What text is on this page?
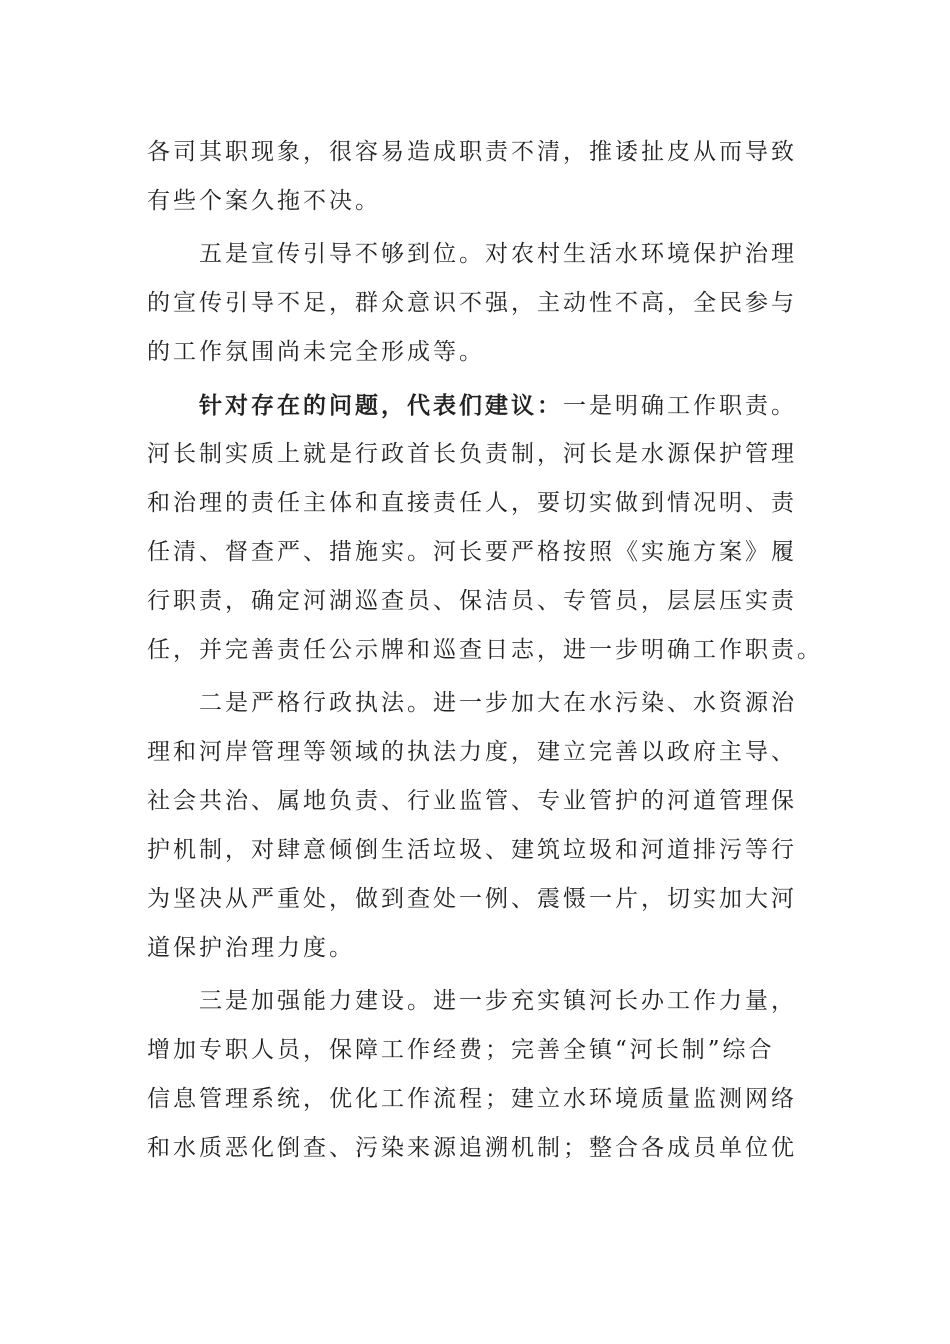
各司其职现象，很容易造成职责不清，推诿扯皮从而导致
有些个案久拖不决。
五是宣传引导不够到位。对农村生活水环境保护治理
的宣传引导不足，群众意识不强，主动性不高，全民参与
的工作氛围尚未完全形成等。
针对存在的问题，代表们建议：一是明确工作职责。
河长制实质上就是行政首长负责制，河长是水源保护管理
和治理的责任主体和直接责任人，要切实做到情况明、责
任清、督查严、措施实。河长要严格按照《实施方案》履
行职责，确定河湖巡查员、保洁员、专管员，层层压实责
任，并完善责任公示牌和巡查日志，进一步明确工作职责。
二是严格行政执法。进一步加大在水污染、水资源治
理和河岸管理等领域的执法力度，建立完善以政府主导、
社会共治、属地负责、行业监管、专业管护的河道管理保
护机制，对肆意倾倒生活垃圾、建筑垃圾和河道排污等行
为坚决从严重处，做到查处一例、震慑一片，切实加大河
道保护治理力度。
三是加强能力建设。进一步充实镇河长办工作力量，
增加专职人员，保障工作经费；完善全镇“河长制”综合
信息管理系统，优化工作流程；建立水环境质量监测网络
和水质恶化倒查、污染来源追溯机制；整合各成员单位优
